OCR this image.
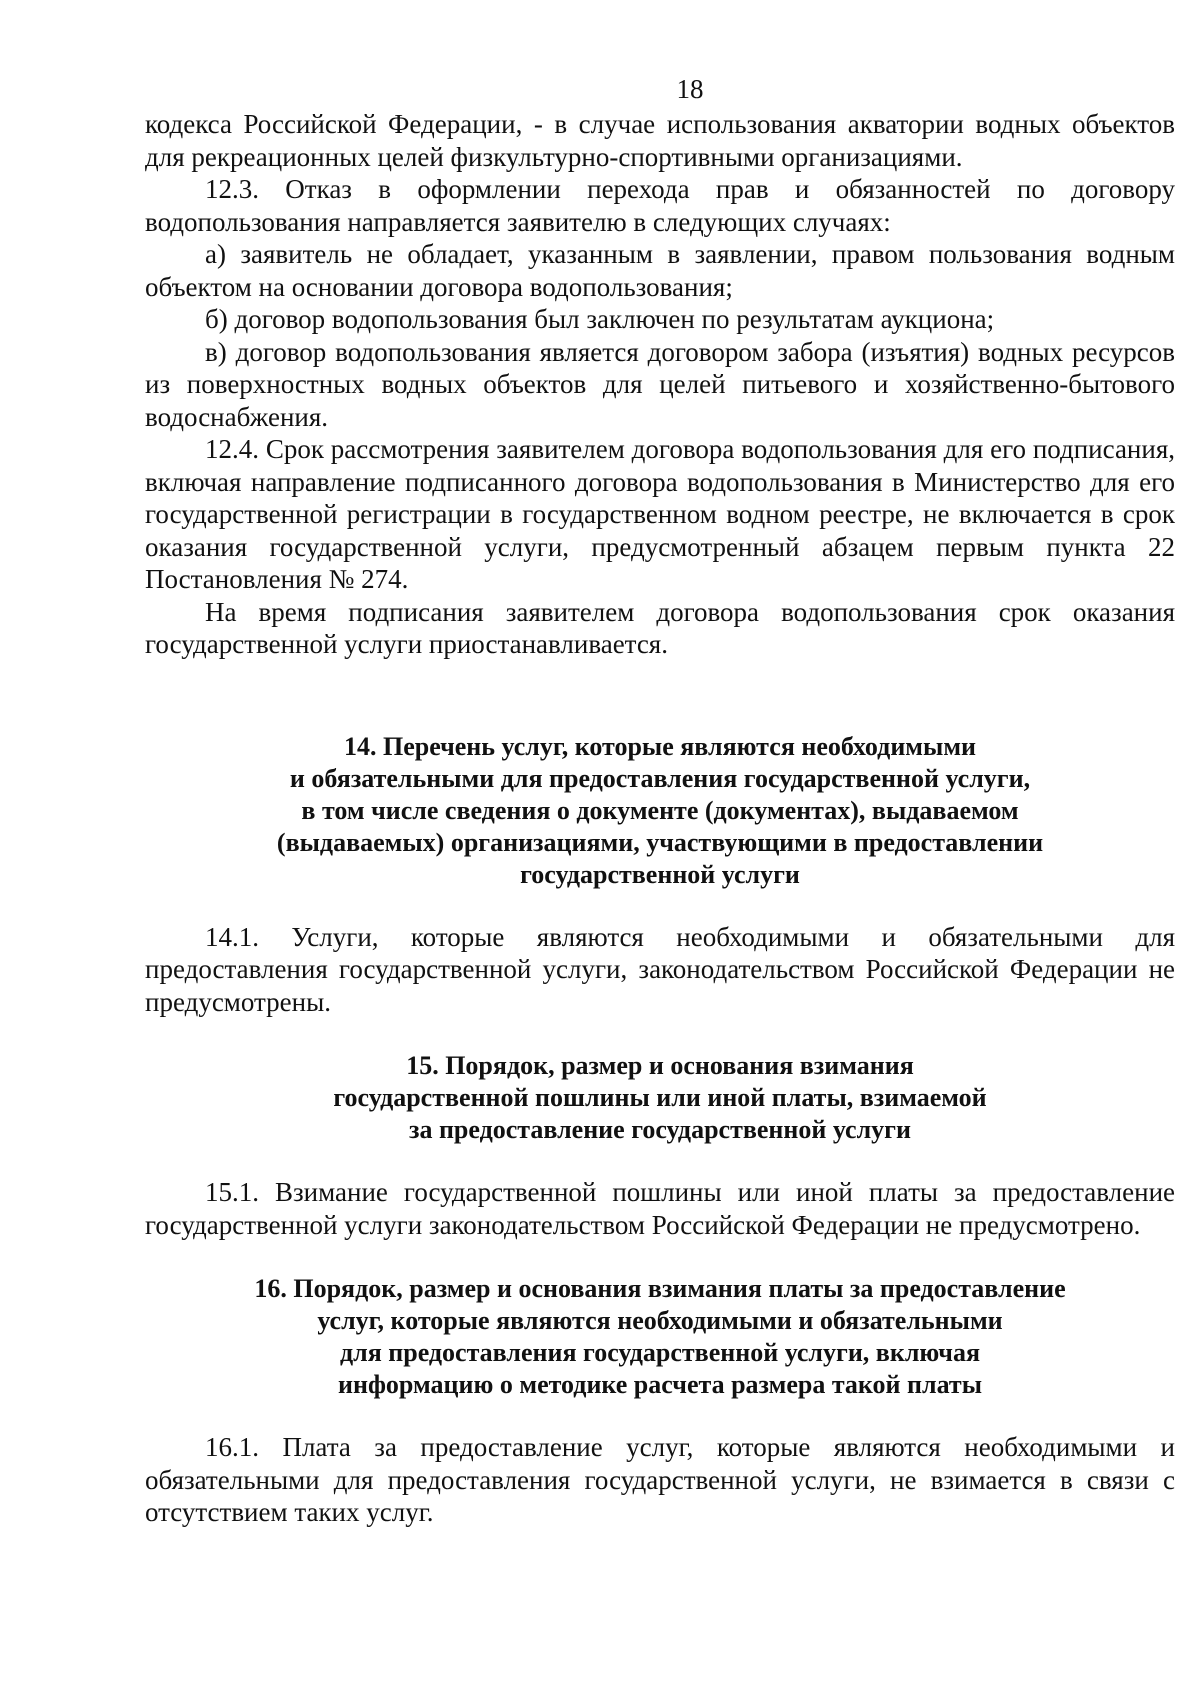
18

кодекса Российской Федерации, - в случае использования акватории водных объектов для рекреационных целей физкультурно-спортивными организациями.

12.3. Отказ в оформлении перехода прав и обязанностей по договору водопользования направляется заявителю в следующих случаях:

а) заявитель не обладает, указанным в заявлении, правом пользования водным объектом на основании договора водопользования;

б) договор водопользования был заключен по результатам аукциона;

в) договор водопользования является договором забора (изъятия) водных ресурсов из поверхностных водных объектов для целей питьевого и хозяйственно-бытового водоснабжения.

12.4. Срок рассмотрения заявителем договора водопользования для его подписания, включая направление подписанного договора водопользования в Министерство для его государственной регистрации в государственном водном реестре, не включается в срок оказания государственной услуги, предусмотренный абзацем первым пункта 22 Постановления № 274.

На время подписания заявителем договора водопользования срок оказания государственной услуги приостанавливается.

14. Перечень услуг, которые являются необходимыми
и обязательными для предоставления государственной услуги,
в том числе сведения о документе (документах), выдаваемом
(выдаваемых) организациями, участвующими в предоставлении
государственной услуги

14.1. Услуги, которые являются необходимыми и обязательными для предоставления государственной услуги, законодательством Российской Федерации не предусмотрены.

15. Порядок, размер и основания взимания
государственной пошлины или иной платы, взимаемой
за предоставление государственной услуги

15.1. Взимание государственной пошлины или иной платы за предоставление государственной услуги законодательством Российской Федерации не предусмотрено.

16. Порядок, размер и основания взимания платы за предоставление
услуг, которые являются необходимыми и обязательными
для предоставления государственной услуги, включая
информацию о методике расчета размера такой платы

16.1. Плата за предоставление услуг, которые являются необходимыми и обязательными для предоставления государственной услуги, не взимается в связи с отсутствием таких услуг.
